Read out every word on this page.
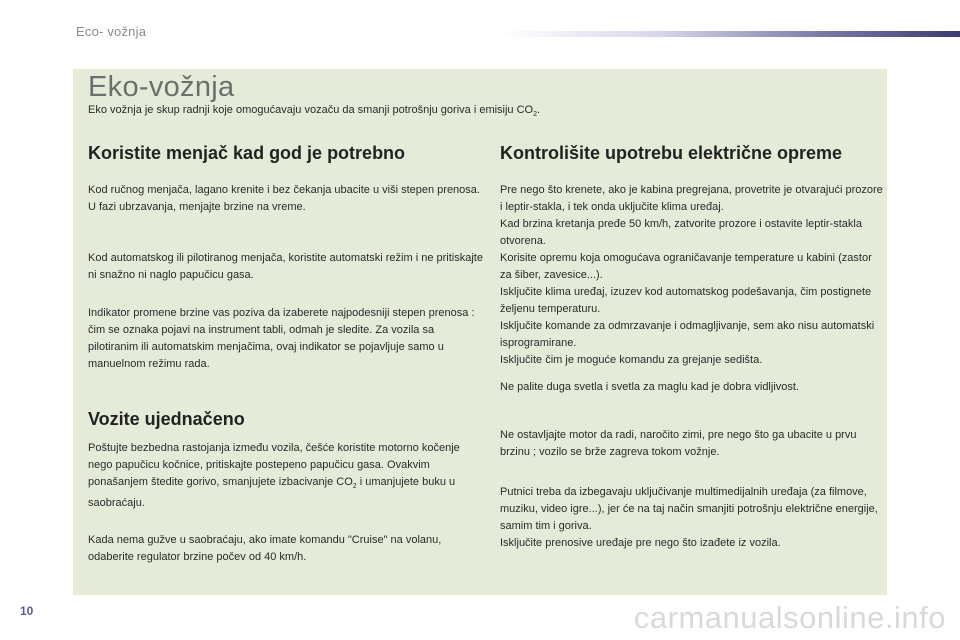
Eco- vožnja
Eko-vožnja
Eko vožnja je skup radnji koje omogućavaju vozaču da smanji potrošnju goriva i emisiju $CO_2$.
Koristite menjač kad god je potrebno

Kod ručnog menjača, lagano krenite i bez čekanja ubacite u viši stepen prenosa. U fazi ubrzavanja, menjajte brzine na vreme.

Kod automatskog ili pilotiranog menjača, koristite automatski režim i ne pritiskajte ni snažno ni naglo papučicu gasa.

Indikator promene brzine vas poziva da izaberete najpodesniji stepen prenosa : čim se oznaka pojavi na instrument tabli, odmah je sledite. Za vozila sa pilotiranim ili automatskim menjačima, ovaj indikator se pojavljuje samo u manuelnom režimu rada.

Vozite ujednačeno

Poštujte bezbedna rastojanja između vozila, češće koristite motorno kočenje nego papučicu kočnice, pritiskajte postepeno papučicu gasa. Ovakvim ponašanjem štedite gorivo, smanjujete izbacivanje $CO_2$ i umanjujete buku u saobraćaju.

Kada nema gužve u saobraćaju, ako imate komandu "Cruise" na volanu, odaberite regulator brzine počev od 40 km/h.

Kontrolišite upotrebu električne opreme
Pre nego što krenete, ako je kabina pregrejana, provetrite je otvarajući prozore i leptir-stakla, i tek onda uključite klima uređaj.
Kad brzina kretanja pređe 50 km/h, zatvorite prozore i ostavite leptir-stakla otvorena.
Korisite opremu koja omogućava ograničavanje temperature u kabini (zastor za šiber, zavesice...).
Isključite klima uređaj, izuzev kod automatskog podešavanja, čim postignete željenu temperaturu.
Isključite komande za odmrzavanje i odmagljivanje, sem ako nisu automatski isprogramirane.
Isključite čim je moguće komandu za grejanje sedišta.

Ne palite duga svetla i svetla za maglu kad je dobra vidljivost.

Ne ostavljajte motor da radi, naročito zimi, pre nego što ga ubacite u prvu brzinu ; vozilo se brže zagreva tokom vožnje.

Putnici treba da izbegavaju uključivanje multimedijalnih uređaja (za filmove, muziku, video igre...), jer će na taj način smanjiti potrošnju električne energije, samim tim i goriva.
Isključite prenosive uređaje pre nego što izađete iz vozila.
10	carmanualsonline.info
